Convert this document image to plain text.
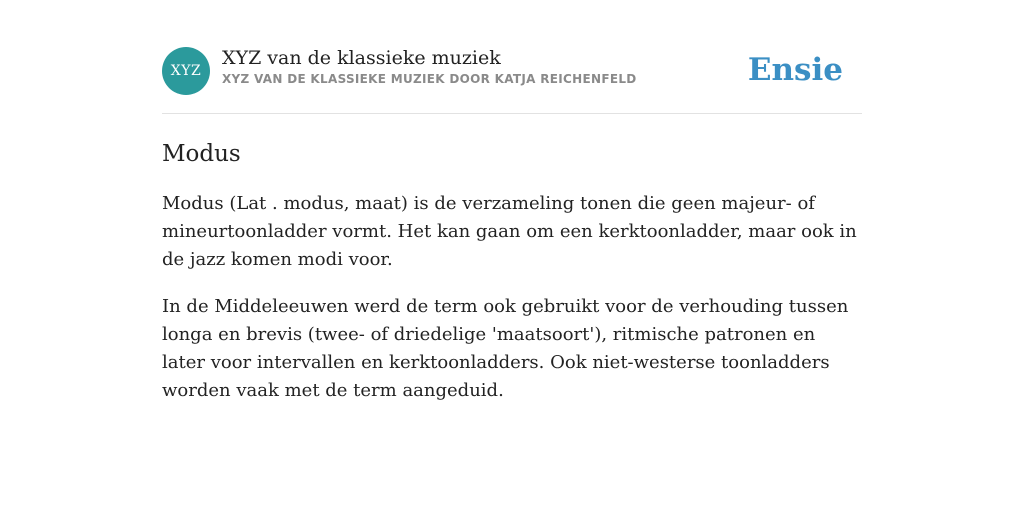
XYZ
XYZ van de klassieke muziek
XYZ VAN DE KLASSIEKE MUZIEK DOOR KATJA REICHENFELD	Ensie
Modus

Modus (Lat . modus, maat) is de verzameling tonen die geen majeur- of mineurtoonladder vormt. Het kan gaan om een kerktoonladder, maar ook in de jazz komen modi voor.

In de Middeleeuwen werd de term ook gebruikt voor de verhouding tussen longa en brevis (twee- of driedelige 'maatsoort'), ritmische patronen en later voor intervallen en kerktoonladders. Ook niet-westerse toonladders worden vaak met de term aangeduid.
